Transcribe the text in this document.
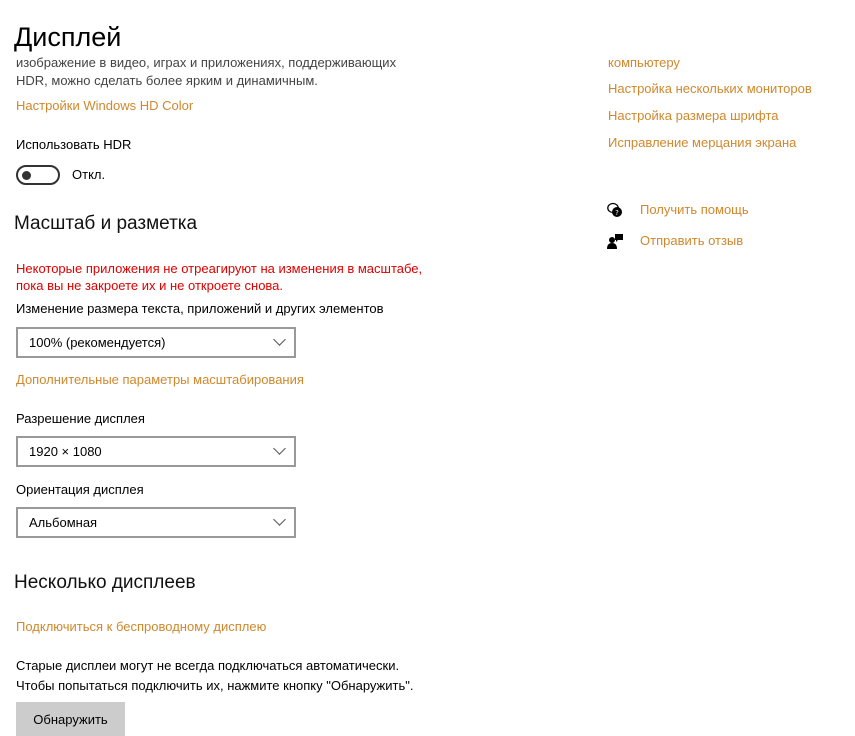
Дисплей
изображение в видео, играх и приложениях, поддерживающих
HDR, можно сделать более ярким и динамичным.
Настройки Windows HD Color
Использовать HDR
Откл.
Масштаб и разметка
Некоторые приложения не отреагируют на изменения в масштабе,
пока вы не закроете их и не откроете снова.
Изменение размера текста, приложений и других элементов
100% (рекомендуется)
Дополнительные параметры масштабирования
Разрешение дисплея
1920 × 1080
Ориентация дисплея
Альбомная
Несколько дисплеев
Подключиться к беспроводному дисплею
Старые дисплеи могут не всегда подключаться автоматически.
Чтобы попытаться подключить их, нажмите кнопку "Обнаружить".
Обнаружить
компьютеру
Настройка нескольких мониторов
Настройка размера шрифта
Исправление мерцания экрана
? Получить помощь
Отправить отзыв
